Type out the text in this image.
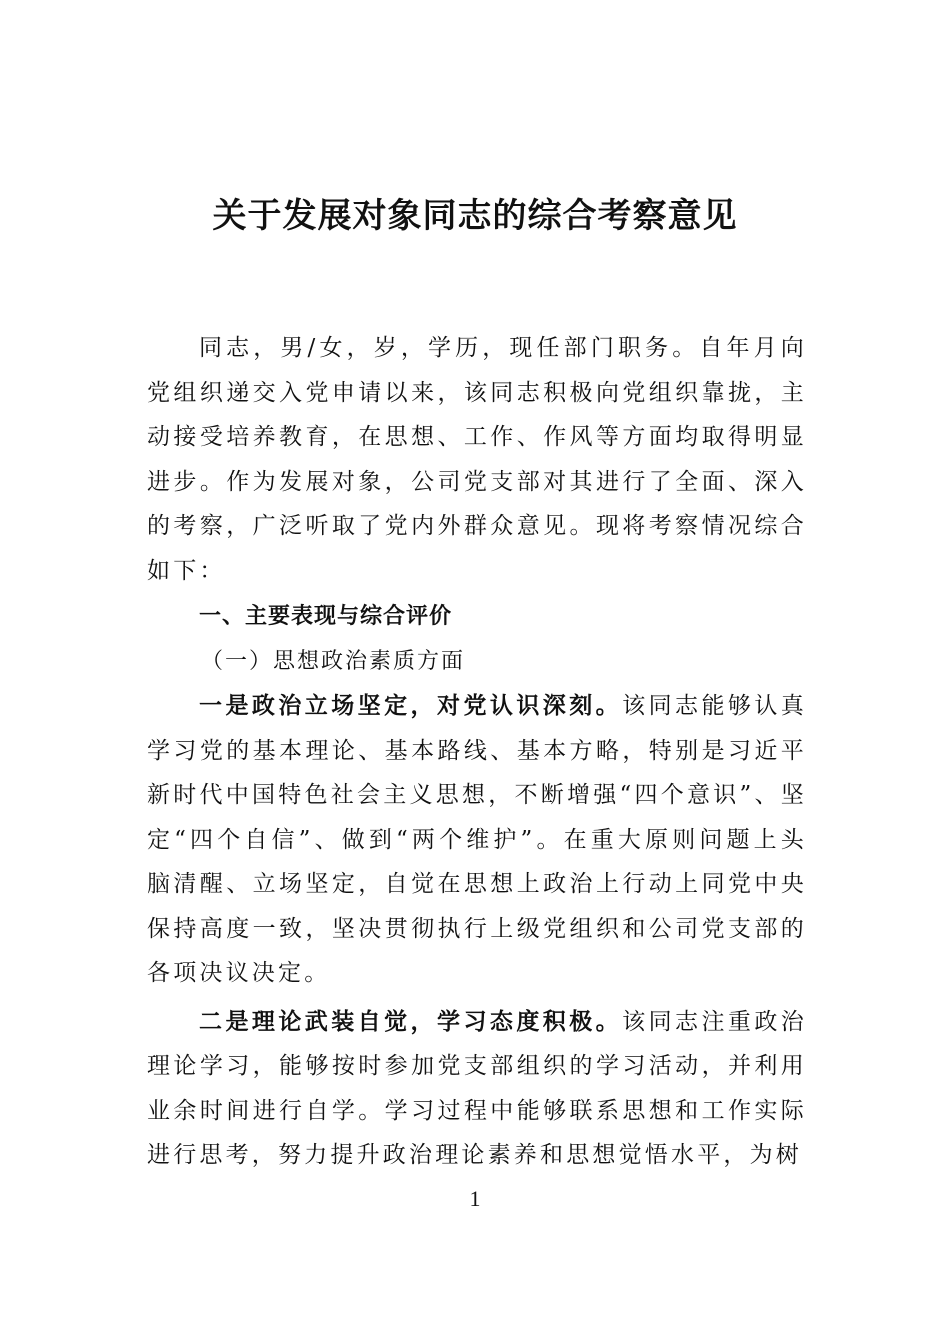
关于发展对象同志的综合考察意见

同志，男/女，岁，学历，现任部门职务。自年月向党组织递交入党申请以来，该同志积极向党组织靠拢，主动接受培养教育，在思想、工作、作风等方面均取得明显进步。作为发展对象，公司党支部对其进行了全面、深入的考察，广泛听取了党内外群众意见。现将考察情况综合如下：

一、主要表现与综合评价

（一）思想政治素质方面

一是政治立场坚定，对党认识深刻。该同志能够认真学习党的基本理论、基本路线、基本方略，特别是习近平新时代中国特色社会主义思想，不断增强“四个意识”、坚定“四个自信”、做到“两个维护”。在重大原则问题上头脑清醒、立场坚定，自觉在思想上政治上行动上同党中央保持高度一致，坚决贯彻执行上级党组织和公司党支部的各项决议决定。

二是理论武装自觉，学习态度积极。该同志注重政治理论学习，能够按时参加党支部组织的学习活动，并利用业余时间进行自学。学习过程中能够联系思想和工作实际进行思考，努力提升政治理论素养和思想觉悟水平，为树

1
